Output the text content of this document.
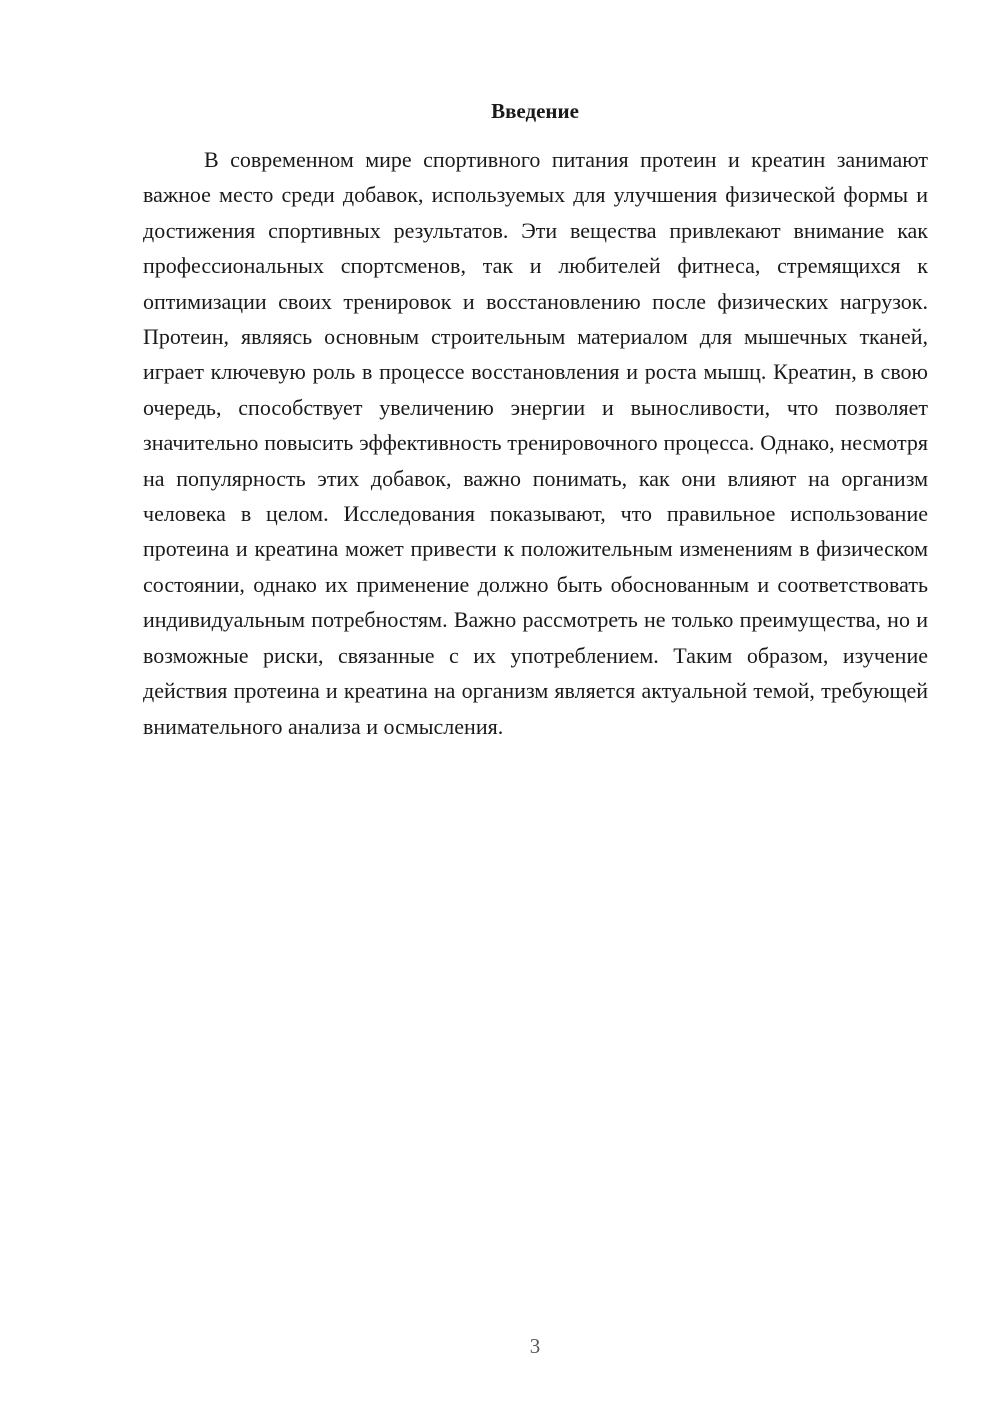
Введение

В современном мире спортивного питания протеин и креатин занимают важное место среди добавок, используемых для улучшения физической формы и достижения спортивных результатов. Эти вещества привлекают внимание как профессиональных спортсменов, так и любителей фитнеса, стремящихся к оптимизации своих тренировок и восстановлению после физических нагрузок. Протеин, являясь основным строительным материалом для мышечных тканей, играет ключевую роль в процессе восстановления и роста мышц. Креатин, в свою очередь, способствует увеличению энергии и выносливости, что позволяет значительно повысить эффективность тренировочного процесса. Однако, несмотря на популярность этих добавок, важно понимать, как они влияют на организм человека в целом. Исследования показывают, что правильное использование протеина и креатина может привести к положительным изменениям в физическом состоянии, однако их применение должно быть обоснованным и соответствовать индивидуальным потребностям. Важно рассмотреть не только преимущества, но и возможные риски, связанные с их употреблением. Таким образом, изучение действия протеина и креатина на организм является актуальной темой, требующей внимательного анализа и осмысления.

3
